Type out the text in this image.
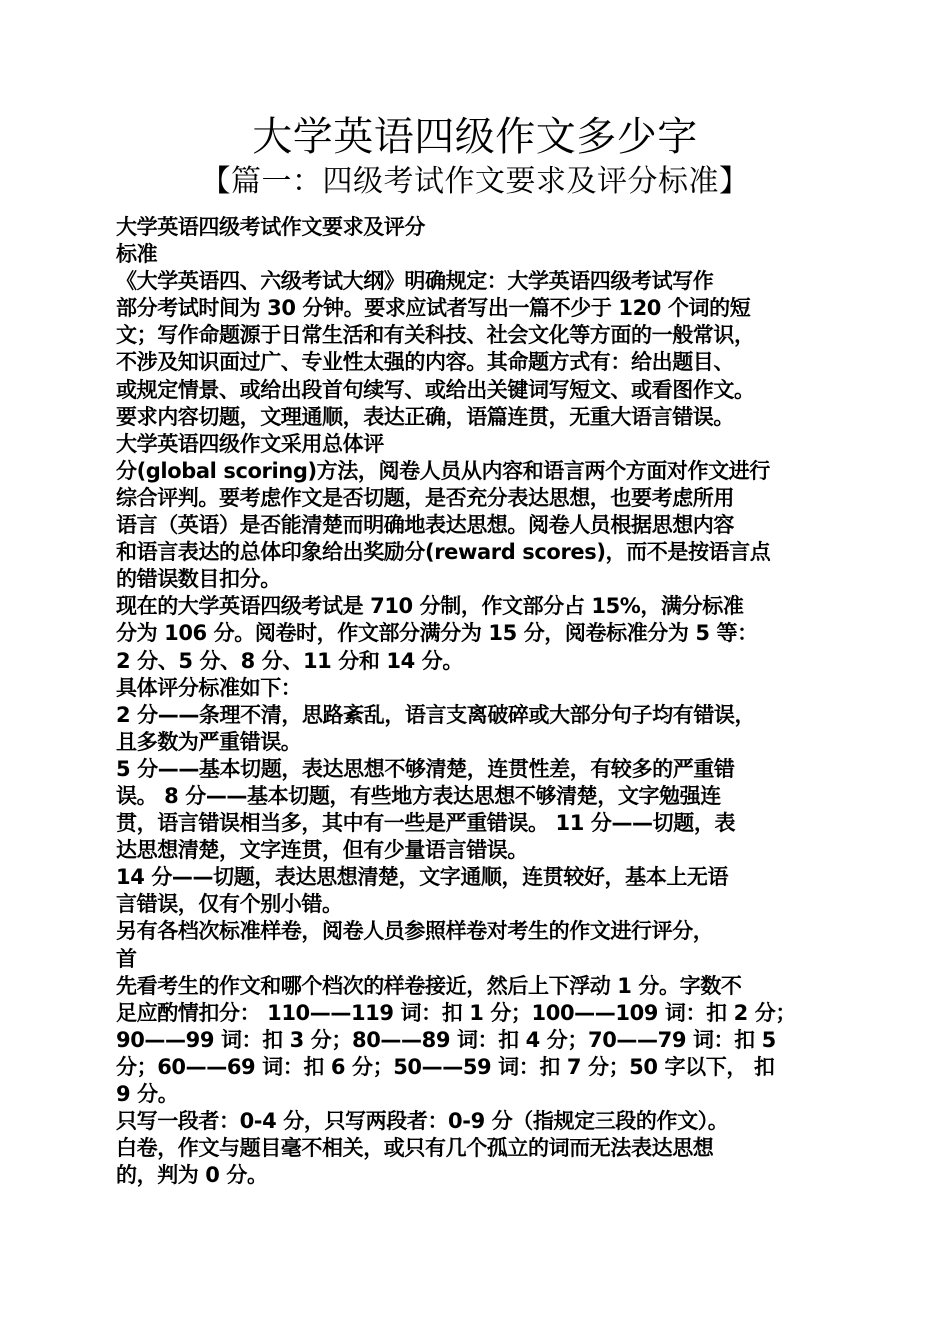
大学英语四级作文多少字
【篇一：四级考试作文要求及评分标准】
大学英语四级考试作文要求及评分
标准
《大学英语四、六级考试大纲》明确规定：大学英语四级考试写作
部分考试时间为 30 分钟。要求应试者写出一篇不少于 120 个词的短
文；写作命题源于日常生活和有关科技、社会文化等方面的一般常识，
不涉及知识面过广、专业性太强的内容。其命题方式有：给出题目、
或规定情景、或给出段首句续写、或给出关键词写短文、或看图作文。
要求内容切题，文理通顺，表达正确，语篇连贯，无重大语言错误。
大学英语四级作文采用总体评
分(global scoring)方法，阅卷人员从内容和语言两个方面对作文进行
综合评判。要考虑作文是否切题，是否充分表达思想，也要考虑所用
语言（英语）是否能清楚而明确地表达思想。阅卷人员根据思想内容
和语言表达的总体印象给出奖励分(reward scores)，而不是按语言点
的错误数目扣分。
现在的大学英语四级考试是 710 分制，作文部分占 15%，满分标准
分为 106 分。阅卷时，作文部分满分为 15 分，阅卷标准分为 5 等：
2 分、5 分、8 分、11 分和 14 分。
具体评分标准如下：
2 分——条理不清，思路紊乱，语言支离破碎或大部分句子均有错误，
且多数为严重错误。
5 分——基本切题，表达思想不够清楚，连贯性差，有较多的严重错
误。 8 分——基本切题，有些地方表达思想不够清楚，文字勉强连
贯，语言错误相当多，其中有一些是严重错误。 11 分——切题，表
达思想清楚，文字连贯，但有少量语言错误。
14 分——切题，表达思想清楚，文字通顺，连贯较好，基本上无语
言错误，仅有个别小错。
另有各档次标准样卷，阅卷人员参照样卷对考生的作文进行评分，
首
先看考生的作文和哪个档次的样卷接近，然后上下浮动 1 分。字数不
足应酌情扣分： 110——119 词：扣 1 分；100——109 词：扣 2 分；
90——99 词：扣 3 分；80——89 词：扣 4 分；70——79 词：扣 5
分；60——69 词：扣 6 分；50——59 词：扣 7 分；50 字以下， 扣
9 分。
只写一段者：0-4 分，只写两段者：0-9 分（指规定三段的作文）。
白卷，作文与题目毫不相关，或只有几个孤立的词而无法表达思想
的，判为 0 分。
